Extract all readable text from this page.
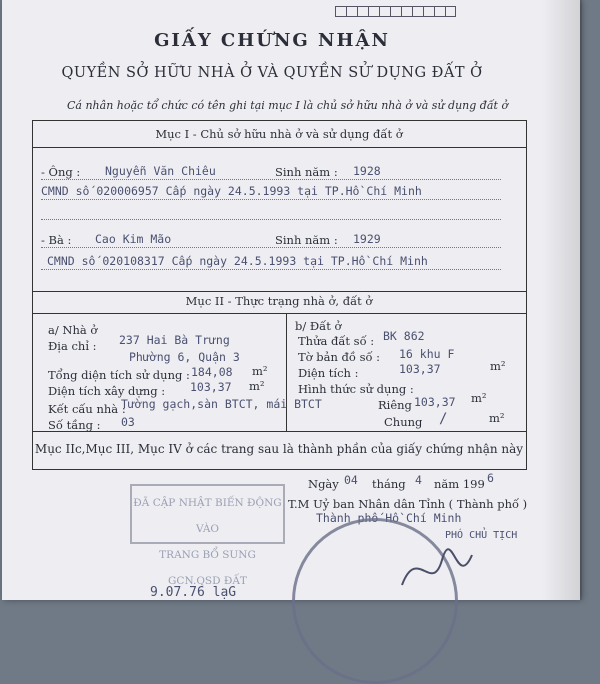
GIẤY CHỨNG NHẬN
QUYỀN SỞ HỮU NHÀ Ở VÀ QUYỀN SỬ DỤNG ĐẤT Ở
Cá nhân hoặc tổ chức có tên ghi tại mục I là chủ sở hữu nhà ở và sử dụng đất ở
Mục I - Chủ sở hữu nhà ở và sử dụng đất ở
- Ông : Nguyễn Văn Chiêu	Sinh năm : 1928
CMND số 020006957 Cấp ngày 24.5.1993 tại TP.Hồ Chí Minh
- Bà : Cao Kim Mão	Sinh năm : 1929
CMND số 020108317 Cấp ngày 24.5.1993 tại TP.Hồ Chí Minh
Mục II - Thực trạng nhà ở, đất ở
a/ Nhà ở
Địa chỉ : 237 Hai Bà Trưng
Phường 6, Quận 3
Tổng diện tích sử dụng : 184,08 m²
Diện tích xây dựng : 103,37 m²
Kết cấu nhà :
Tường gạch,sàn BTCT, mái BTCT
Số tầng : 03
b/ Đất ở
Thửa đất số : BK 862
Tờ bản đồ số : 16 khu F
Diện tích :	103,37	m²
Hình thức sử dụng :
Riêng 103,37 m²
Chung /	m²
Mục IIc,Mục III, Mục IV ở các trang sau là thành phần của giấy chứng nhận này
Ngày 04 tháng 4 năm 199 6
T.M Uỷ ban Nhân dân Tỉnh ( Thành phố )
Thành phố Hồ Chí Minh
PHÓ CHỦ TỊCH
ĐÃ CẬP NHẬT BIẾN ĐỘNG VÀO
TRANG BỔ SUNG GCN.QSD ĐẤT
9.07.76 lạG
